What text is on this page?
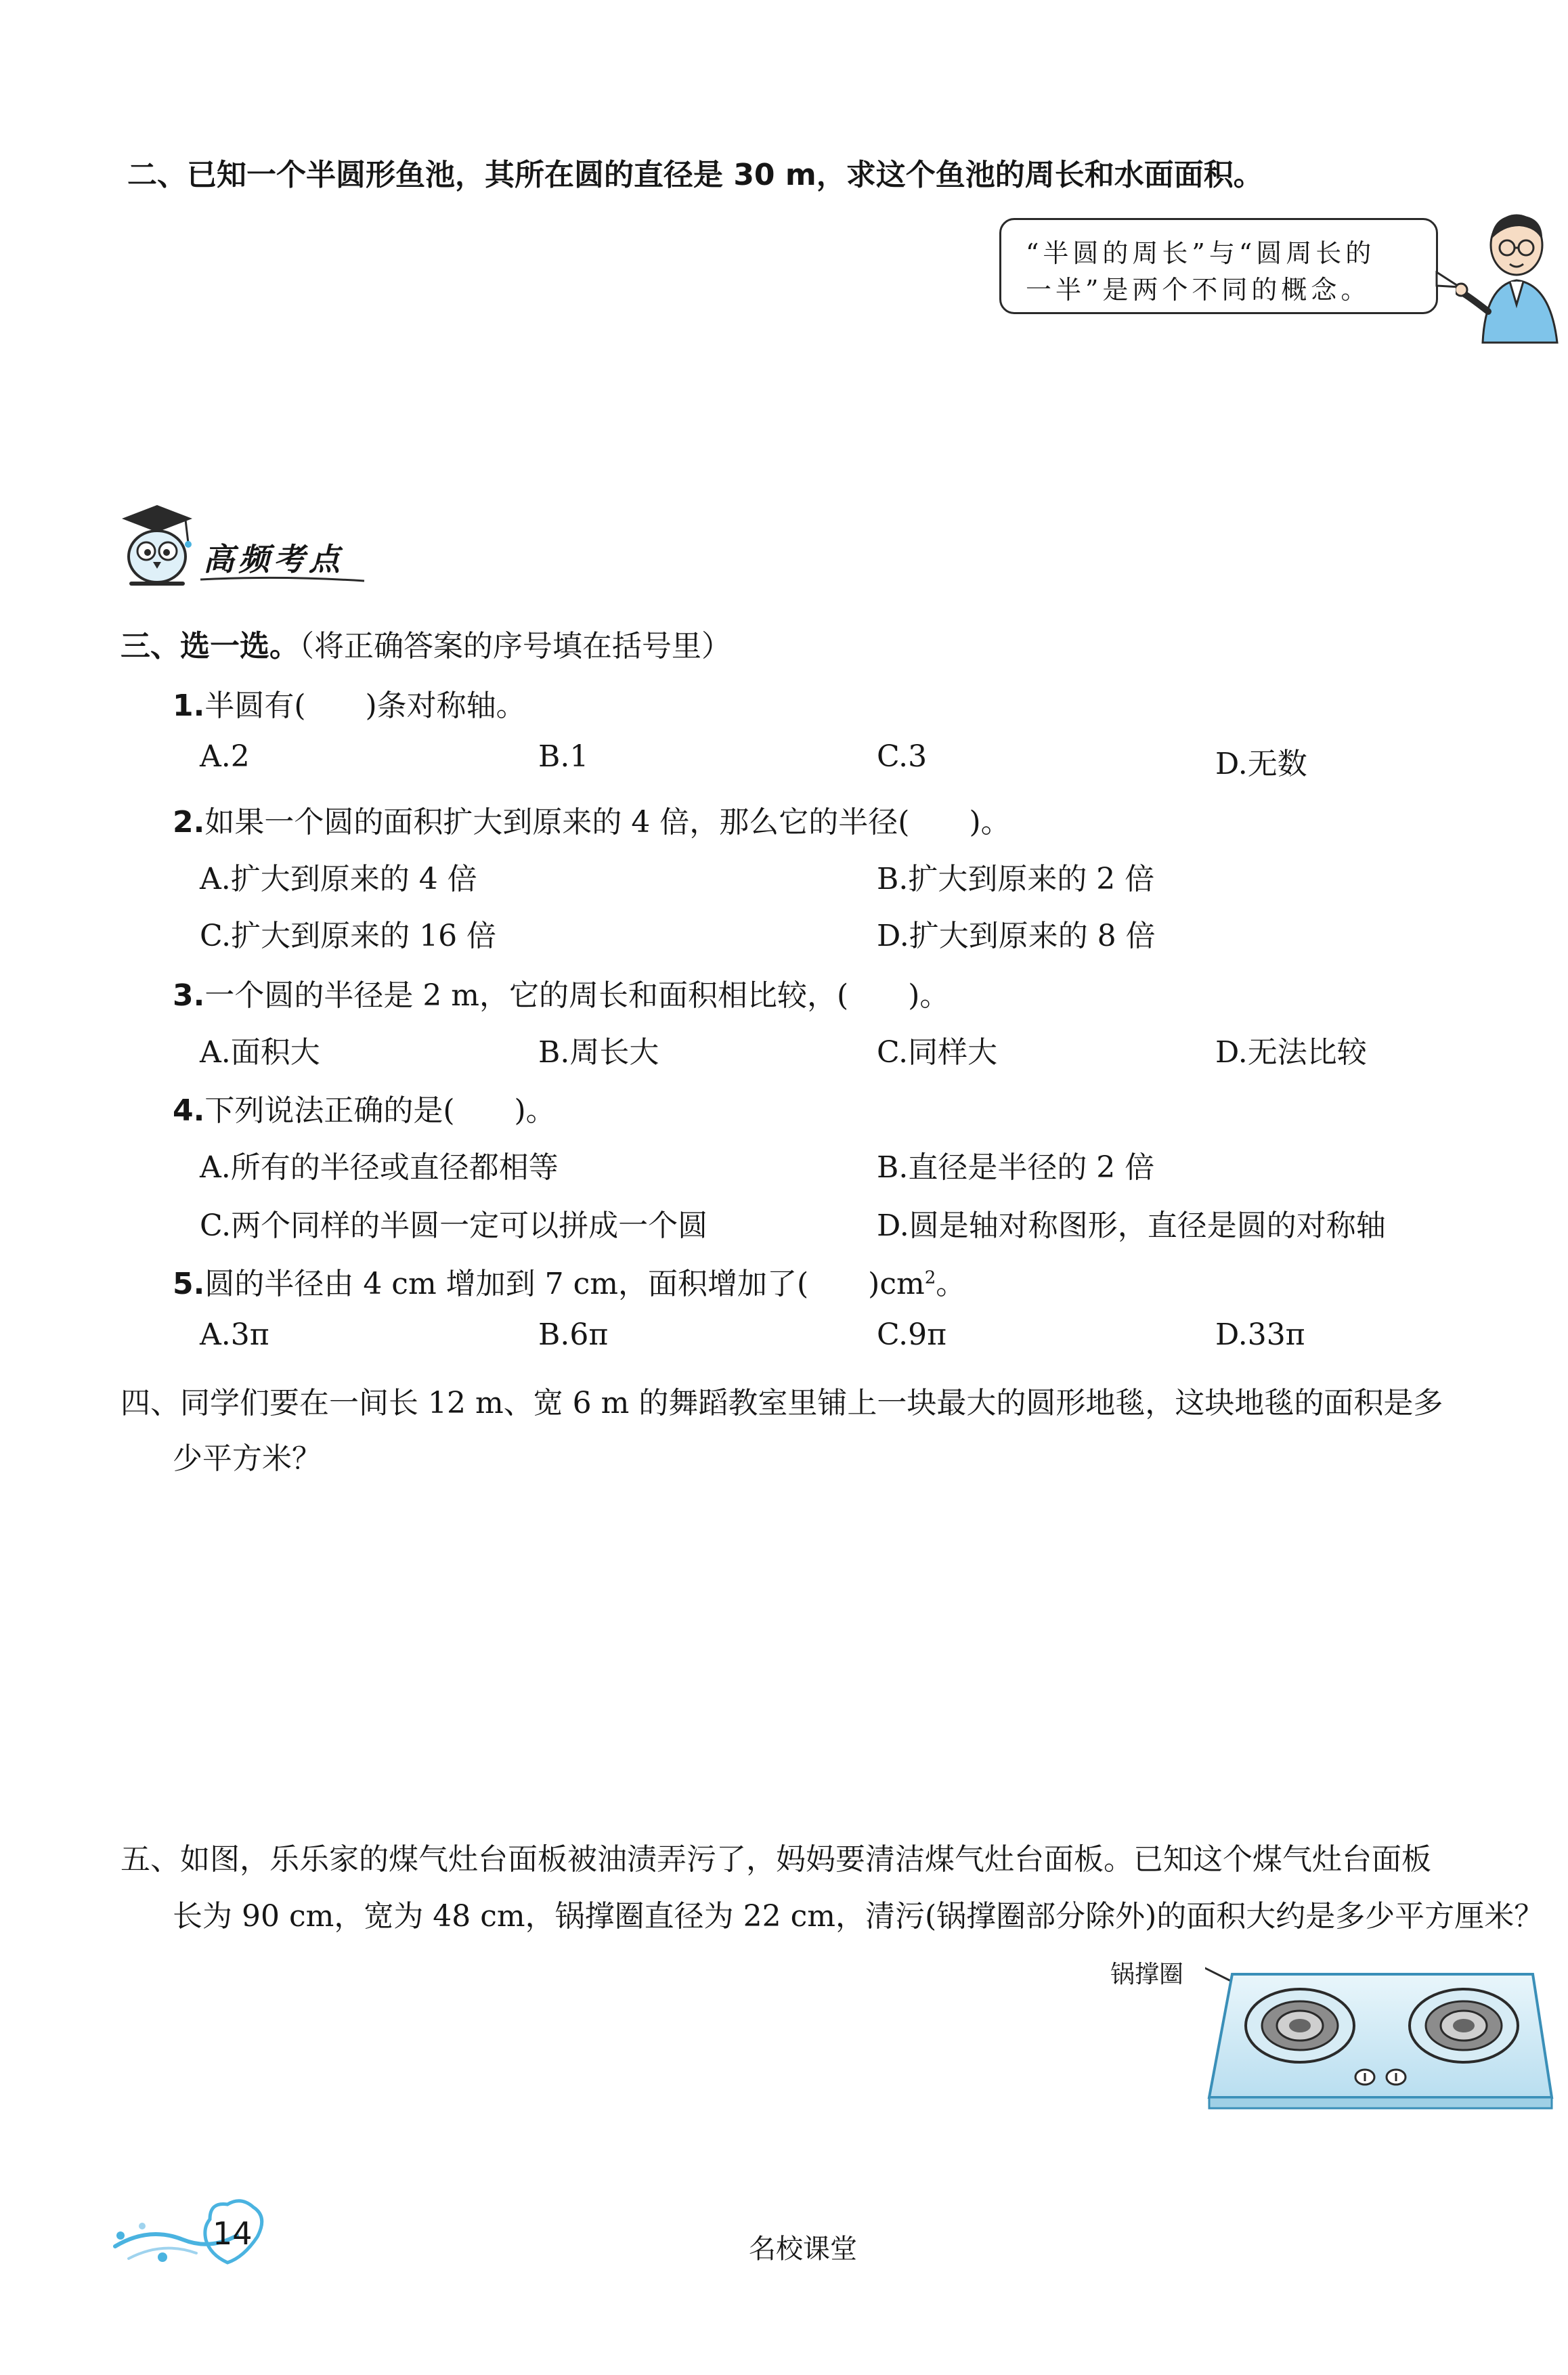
二、已知一个半圆形鱼池，其所在圆的直径是 30 m，求这个鱼池的周长和水面面积。
“半圆的周长”与“圆周长的
一半”是两个不同的概念。
高频考点
三、选一选。（将正确答案的序号填在括号里）
1.半圆有(　　)条对称轴。
A.2	B.1	C.3	D.无数
2.如果一个圆的面积扩大到原来的 4 倍，那么它的半径(　　)。
A.扩大到原来的 4 倍	B.扩大到原来的 2 倍
C.扩大到原来的 16 倍	D.扩大到原来的 8 倍
3.一个圆的半径是 2 m，它的周长和面积相比较，(　　)。
A.面积大	B.周长大	C.同样大	D.无法比较
4.下列说法正确的是(　　)。
A.所有的半径或直径都相等	B.直径是半径的 2 倍
C.两个同样的半圆一定可以拼成一个圆	D.圆是轴对称图形，直径是圆的对称轴
5.圆的半径由 4 cm 增加到 7 cm，面积增加了(　　)$cm^2$。
A.3π	B.6π	C.9π	D.33π
四、同学们要在一间长 12 m、宽 6 m 的舞蹈教室里铺上一块最大的圆形地毯，这块地毯的面积是多
少平方米？
五、如图，乐乐家的煤气灶台面板被油渍弄污了，妈妈要清洁煤气灶台面板。已知这个煤气灶台面板
长为 90 cm，宽为 48 cm，锅撑圈直径为 22 cm，清污(锅撑圈部分除外)的面积大约是多少平方厘米？
锅撑圈
14	名校课堂
